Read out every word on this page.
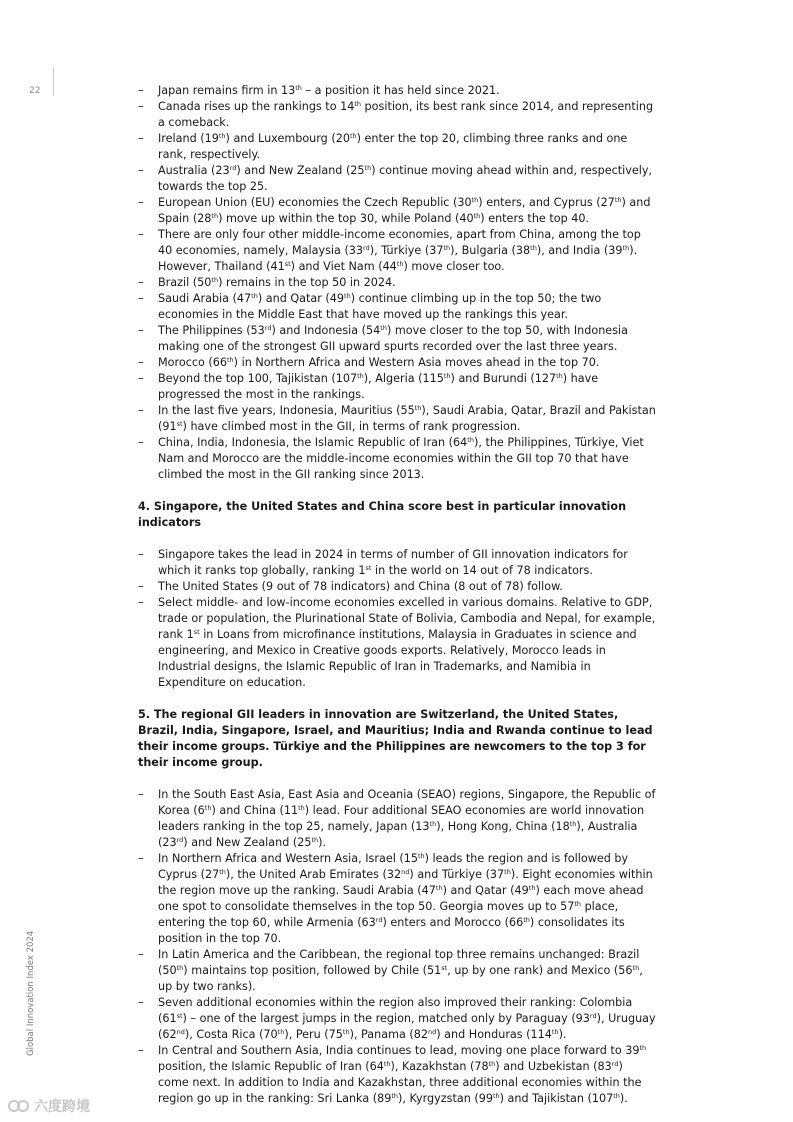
22
Global Innovation Index 2024
– Japan remains firm in 13th – a position it has held since 2021.
– Canada rises up the rankings to 14th position, its best rank since 2014, and representing a comeback.
– Ireland (19th) and Luxembourg (20th) enter the top 20, climbing three ranks and one rank, respectively.
– Australia (23rd) and New Zealand (25th) continue moving ahead within and, respectively, towards the top 25.
– European Union (EU) economies the Czech Republic (30th) enters, and Cyprus (27th) and Spain (28th) move up within the top 30, while Poland (40th) enters the top 40.
– There are only four other middle-income economies, apart from China, among the top 40 economies, namely, Malaysia (33rd), Türkiye (37th), Bulgaria (38th), and India (39th). However, Thailand (41st) and Viet Nam (44th) move closer too.
– Brazil (50th) remains in the top 50 in 2024.
– Saudi Arabia (47th) and Qatar (49th) continue climbing up in the top 50; the two economies in the Middle East that have moved up the rankings this year.
– The Philippines (53rd) and Indonesia (54th) move closer to the top 50, with Indonesia making one of the strongest GII upward spurts recorded over the last three years.
– Morocco (66th) in Northern Africa and Western Asia moves ahead in the top 70.
– Beyond the top 100, Tajikistan (107th), Algeria (115th) and Burundi (127th) have progressed the most in the rankings.
– In the last five years, Indonesia, Mauritius (55th), Saudi Arabia, Qatar, Brazil and Pakistan (91st) have climbed most in the GII, in terms of rank progression.
– China, India, Indonesia, the Islamic Republic of Iran (64th), the Philippines, Türkiye, Viet Nam and Morocco are the middle-income economies within the GII top 70 that have climbed the most in the GII ranking since 2013.
4. Singapore, the United States and China score best in particular innovation indicators
– Singapore takes the lead in 2024 in terms of number of GII innovation indicators for which it ranks top globally, ranking 1st in the world on 14 out of 78 indicators.
– The United States (9 out of 78 indicators) and China (8 out of 78) follow.
– Select middle- and low-income economies excelled in various domains. Relative to GDP, trade or population, the Plurinational State of Bolivia, Cambodia and Nepal, for example, rank 1st in Loans from microfinance institutions, Malaysia in Graduates in science and engineering, and Mexico in Creative goods exports. Relatively, Morocco leads in Industrial designs, the Islamic Republic of Iran in Trademarks, and Namibia in Expenditure on education.
5. The regional GII leaders in innovation are Switzerland, the United States, Brazil, India, Singapore, Israel, and Mauritius; India and Rwanda continue to lead their income groups. Türkiye and the Philippines are newcomers to the top 3 for their income group.
– In the South East Asia, East Asia and Oceania (SEAO) regions, Singapore, the Republic of Korea (6th) and China (11th) lead. Four additional SEAO economies are world innovation leaders ranking in the top 25, namely, Japan (13th), Hong Kong, China (18th), Australia (23rd) and New Zealand (25th).
– In Northern Africa and Western Asia, Israel (15th) leads the region and is followed by Cyprus (27th), the United Arab Emirates (32nd) and Türkiye (37th). Eight economies within the region move up the ranking. Saudi Arabia (47th) and Qatar (49th) each move ahead one spot to consolidate themselves in the top 50. Georgia moves up to 57th place, entering the top 60, while Armenia (63rd) enters and Morocco (66th) consolidates its position in the top 70.
– In Latin America and the Caribbean, the regional top three remains unchanged: Brazil (50th) maintains top position, followed by Chile (51st, up by one rank) and Mexico (56th, up by two ranks).
– Seven additional economies within the region also improved their ranking: Colombia (61st) – one of the largest jumps in the region, matched only by Paraguay (93rd), Uruguay (62nd), Costa Rica (70th), Peru (75th), Panama (82nd) and Honduras (114th).
– In Central and Southern Asia, India continues to lead, moving one place forward to 39th position, the Islamic Republic of Iran (64th), Kazakhstan (78th) and Uzbekistan (83rd) come next. In addition to India and Kazakhstan, three additional economies within the region go up in the ranking: Sri Lanka (89th), Kyrgyzstan (99th) and Tajikistan (107th).
六度跨境
